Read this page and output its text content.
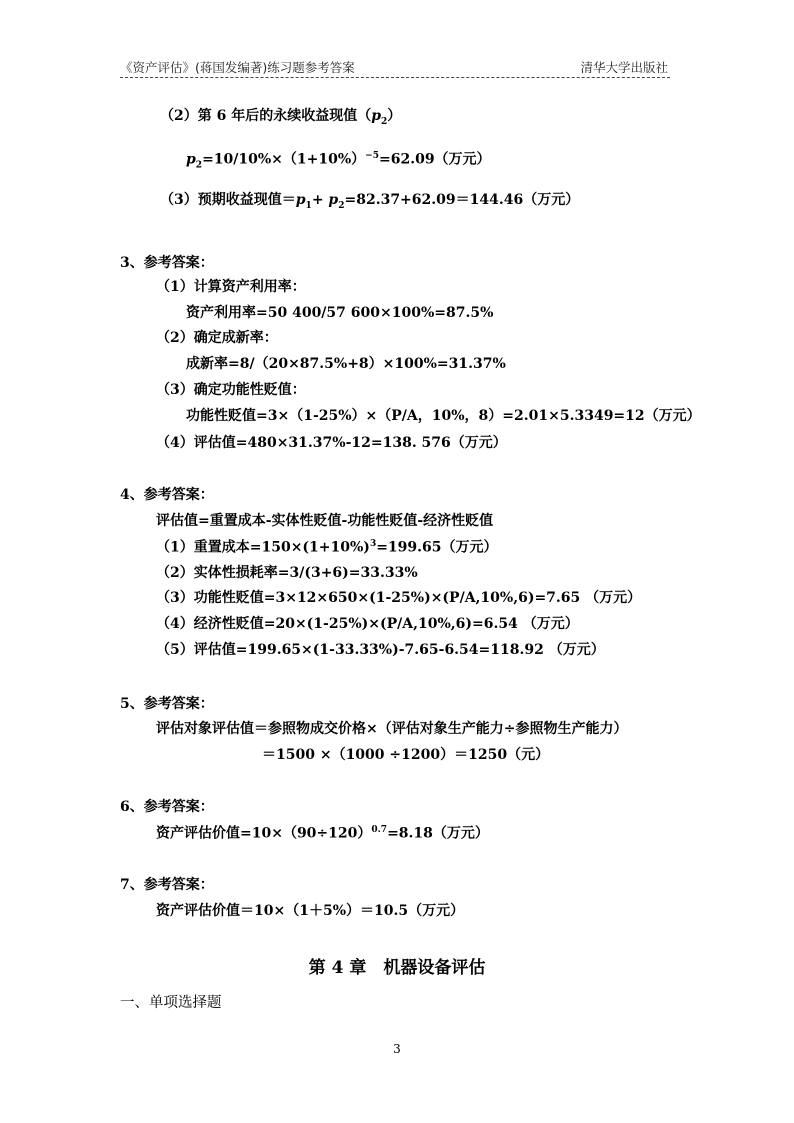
《资产评估》(蒋国发编著)练习题参考答案	清华大学出版社
（2）第 6 年后的永续收益现值$(p_2)$
$p_2=10/10\%\times(1+10\%)^{-5}=62.09$（万元）
（3）预期收益现值$=p_1+ p_2=82.37+62.09=144.46$（万元）
3、参考答案：
（1）计算资产利用率：
资产利用率=50 400/57 600×100%=87.5%
（2）确定成新率：
成新率=8/（20×87.5%+8）×100%=31.37%
（3）确定功能性贬值：
功能性贬值=3×（1-25%）×（P/A，10%，8）=2.01×5.3349=12（万元）
（4）评估值=480×31.37%-12=138. 576（万元）
4、参考答案：
评估值=重置成本-实体性贬值-功能性贬值-经济性贬值
（1）重置成本$=150\times(1+10\%)^3=199.65$（万元）
（2）实体性损耗率=3/(3+6)=33.33%
（3）功能性贬值=3×12×650×(1-25%)×(P/A,10%,6)=7.65 （万元）
（4）经济性贬值=20×(1-25%)×(P/A,10%,6)=6.54 （万元）
（5）评估值=199.65×(1-33.33%)-7.65-6.54=118.92 （万元）
5、参考答案：
评估对象评估值＝参照物成交价格×（评估对象生产能力÷参照物生产能力）
＝1500 ×（1000 ÷1200）＝1250（元）
6、参考答案：
资产评估价值$=10\times(90\div 120)^{0.7}=8.18$（万元）
7、参考答案：
资产评估价值＝10×（1＋5%）＝10.5（万元）
第 4 章　机器设备评估
一、单项选择题
3
